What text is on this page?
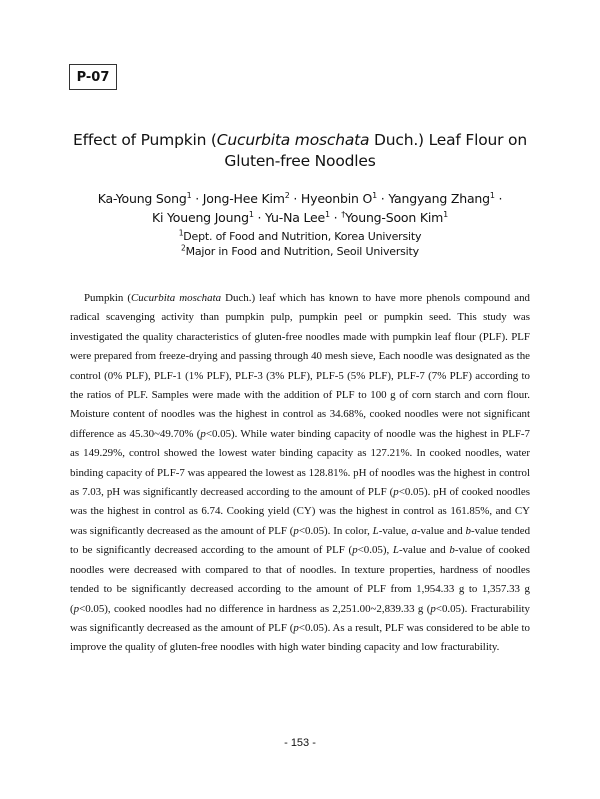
P-07
Effect of Pumpkin (Cucurbita moschata Duch.) Leaf Flour on
Gluten-free Noodles
Ka-Young Song$^1$ · Jong-Hee Kim$^2$ · Hyeonbin $O^1$ · Yangyang Zhang$^1$ ·
Ki Youeng Joung$^1$ · Yu-Na Lee$^1$ · †Young-Soon Kim$^1$
$^1$Dept. of Food and Nutrition, Korea University
$^2$Major in Food and Nutrition, Seoil University

Pumpkin (Cucurbita moschata Duch.) leaf which has known to have more phenols compound and radical scavenging activity than pumpkin pulp, pumpkin peel or pumpkin seed. This study was investigated the quality characteristics of gluten-free noodles made with pumpkin leaf flour (PLF). PLF were prepared from freeze-drying and passing through 40 mesh sieve, Each noodle was designated as the control (0% PLF), PLF-1 (1% PLF), PLF-3 (3% PLF), PLF-5 (5% PLF), PLF-7 (7% PLF) according to the ratios of PLF. Samples were made with the addition of PLF to 100 g of corn starch and corn flour. Moisture content of noodles was the highest in control as 34.68%, cooked noodles were not significant difference as 45.30~49.70% (p<0.05). While water binding capacity of noodle was the highest in PLF-7 as 149.29%, control showed the lowest water binding capacity as 127.21%. In cooked noodles, water binding capacity of PLF-7 was appeared the lowest as 128.81%. pH of noodles was the highest in control as 7.03, pH was significantly decreased according to the amount of PLF (p<0.05). pH of cooked noodles was the highest in control as 6.74. Cooking yield (CY) was the highest in control as 161.85%, and CY was significantly decreased as the amount of PLF (p<0.05). In color, L-value, a-value and b-value tended to be significantly decreased according to the amount of PLF (p<0.05), L-value and b-value of cooked noodles were decreased with compared to that of noodles. In texture properties, hardness of noodles tended to be significantly decreased according to the amount of PLF from 1,954.33 g to 1,357.33 g (p<0.05), cooked noodles had no difference in hardness as 2,251.00~2,839.33 g (p<0.05). Fracturability was significantly decreased as the amount of PLF (p<0.05). As a result, PLF was considered to be able to improve the quality of gluten-free noodles with high water binding capacity and low fracturability.

- 153 -
